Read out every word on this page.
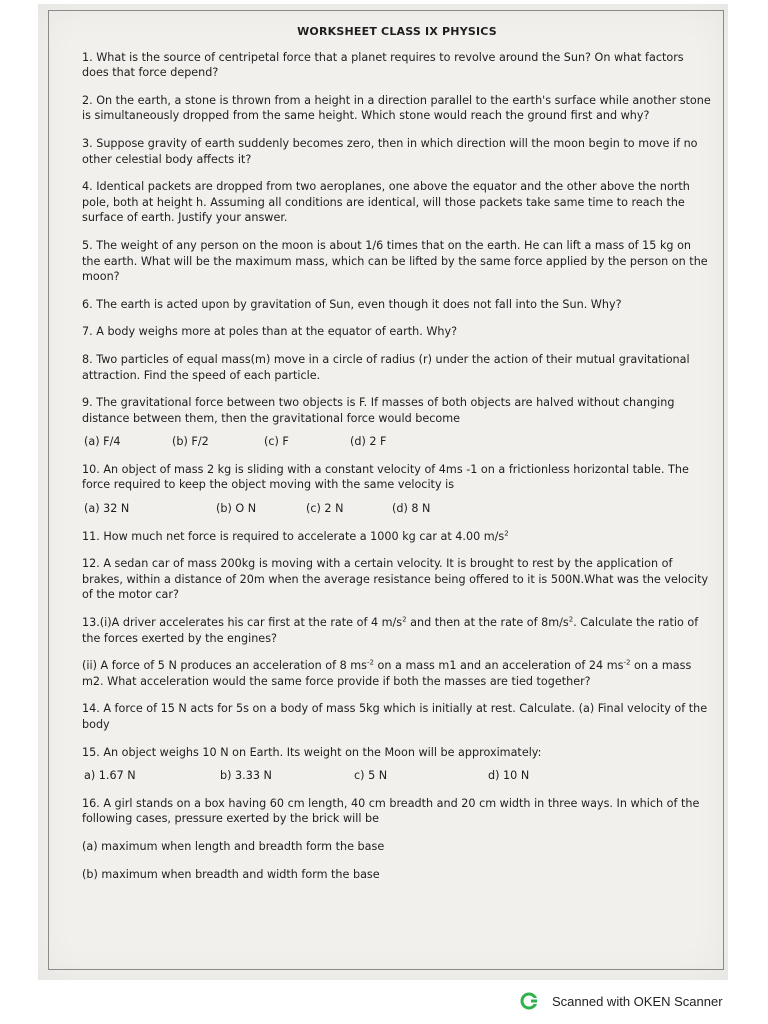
WORKSHEET CLASS IX PHYSICS

1. What is the source of centripetal force that a planet requires to revolve around the Sun? On what factors does that force depend?

2. On the earth, a stone is thrown from a height in a direction parallel to the earth's surface while another stone is simultaneously dropped from the same height. Which stone would reach the ground first and why?

3. Suppose gravity of earth suddenly becomes zero, then in which direction will the moon begin to move if no other celestial body affects it?

4. Identical packets are dropped from two aeroplanes, one above the equator and the other above the north pole, both at height h. Assuming all conditions are identical, will those packets take same time to reach the surface of earth. Justify your answer.

5. The weight of any person on the moon is about 1/6 times that on the earth. He can lift a mass of 15 kg on the earth. What will be the maximum mass, which can be lifted by the same force applied by the person on the moon?

6. The earth is acted upon by gravitation of Sun, even though it does not fall into the Sun. Why?

7. A body weighs more at poles than at the equator of earth. Why?

8. Two particles of equal mass(m) move in a circle of radius (r) under the action of their mutual gravitational attraction. Find the speed of each particle.

9. The gravitational force between two objects is F. If masses of both objects are halved without changing distance between them, then the gravitational force would become

(a) F/4	(b) F/2	(c) F	(d) 2 F

10. An object of mass 2 kg is sliding with a constant velocity of 4ms -1 on a frictionless horizontal table. The force required to keep the object moving with the same velocity is

(a) 32 N	(b) O N	(c) 2 N	(d) 8 N

11. How much net force is required to accelerate a 1000 kg car at 4.00 $m/s^2$

12. A sedan car of mass 200kg is moving with a certain velocity. It is brought to rest by the application of brakes, within a distance of 20m when the average resistance being offered to it is 500N.What was the velocity of the motor car?

13.(i)A driver accelerates his car first at the rate of 4 $m/s^2$ and then at the rate of $8m/s^2$. Calculate the ratio of the forces exerted by the engines?

(ii) A force of 5 N produces an acceleration of 8 $ms^{-2}$ on a mass m1 and an acceleration of 24 $ms^{-2}$ on a mass m2. What acceleration would the same force provide if both the masses are tied together?

14. A force of 15 N acts for 5s on a body of mass 5kg which is initially at rest. Calculate. (a) Final velocity of the body

15. An object weighs 10 N on Earth. Its weight on the Moon will be approximately:

a) 1.67 N	b) 3.33 N	c) 5 N	d) 10 N

16. A girl stands on a box having 60 cm length, 40 cm breadth and 20 cm width in three ways. In which of the following cases, pressure exerted by the brick will be

(a) maximum when length and breadth form the base

(b) maximum when breadth and width form the base

Scanned with OKEN Scanner
